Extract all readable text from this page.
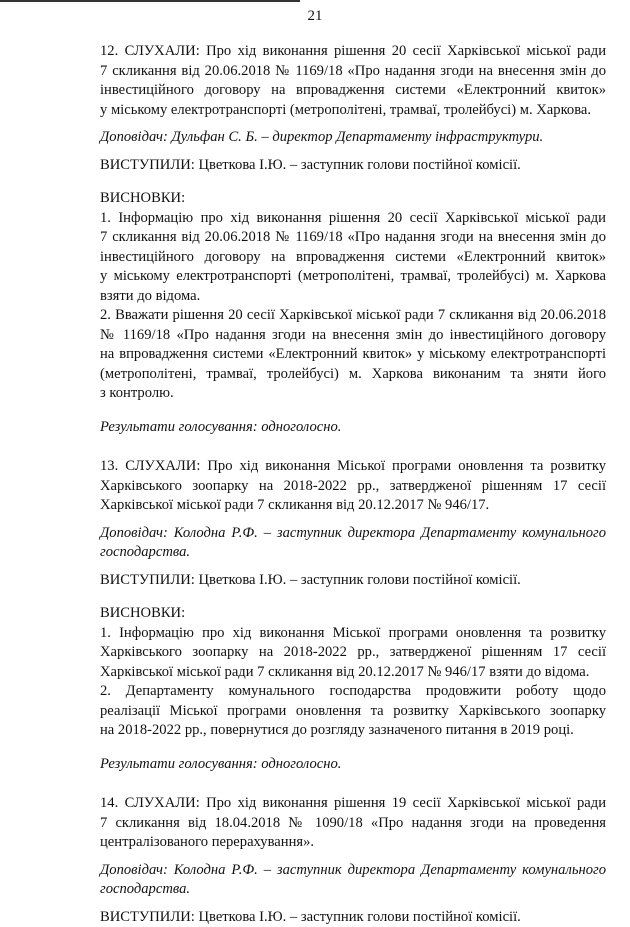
21

12. СЛУХАЛИ: Про хід виконання рішення 20 сесії Харківської міської ради
7 скликання від 20.06.2018 № 1169/18 «Про надання згоди на внесення змін до
інвестиційного договору на впровадження системи «Електронний квиток»
у міському електротранспорті (метрополітені, трамваї, тролейбусі) м. Харкова.

Доповідач: Дульфан С. Б. – директор Департаменту інфраструктури.

ВИСТУПИЛИ: Цветкова І.Ю. – заступник голови постійної комісії.

ВИСНОВКИ:

1. Інформацію про хід виконання рішення 20 сесії Харківської міської ради
7 скликання від 20.06.2018 № 1169/18 «Про надання згоди на внесення змін до
інвестиційного договору на впровадження системи «Електронний квиток»
у міському електротранспорті (метрополітені, трамваї, тролейбусі) м. Харкова
взяти до відома.
2. Вважати рішення 20 сесії Харківської міської ради 7 скликання від 20.06.2018
№ 1169/18 «Про надання згоди на внесення змін до інвестиційного договору
на впровадження системи «Електронний квиток» у міському електротранспорті
(метрополітені, трамваї, тролейбусі) м. Харкова виконаним та зняти його
з контролю.

Результати голосування: одноголосно.

13. СЛУХАЛИ: Про хід виконання Міської програми оновлення та розвитку
Харківського зоопарку на 2018-2022 рр., затвердженої рішенням 17 сесії
Харківської міської ради 7 скликання від 20.12.2017 № 946/17.

Доповідач: Колодна Р.Ф. – заступник директора Департаменту комунального
господарства.

ВИСТУПИЛИ: Цветкова І.Ю. – заступник голови постійної комісії.

ВИСНОВКИ:

1. Інформацію про хід виконання Міської програми оновлення та розвитку
Харківського зоопарку на 2018-2022 рр., затвердженої рішенням 17 сесії
Харківської міської ради 7 скликання від 20.12.2017 № 946/17 взяти до відома.
2. Департаменту комунального господарства продовжити роботу щодо
реалізації Міської програми оновлення та розвитку Харківського зоопарку
на 2018-2022 рр., повернутися до розгляду зазначеного питання в 2019 році.

Результати голосування: одноголосно.

14. СЛУХАЛИ: Про хід виконання рішення 19 сесії Харківської міської ради
7 скликання від 18.04.2018 № 1090/18 «Про надання згоди на проведення
централізованого перерахування».

Доповідач: Колодна Р.Ф. – заступник директора Департаменту комунального
господарства.

ВИСТУПИЛИ: Цветкова І.Ю. – заступник голови постійної комісії.
